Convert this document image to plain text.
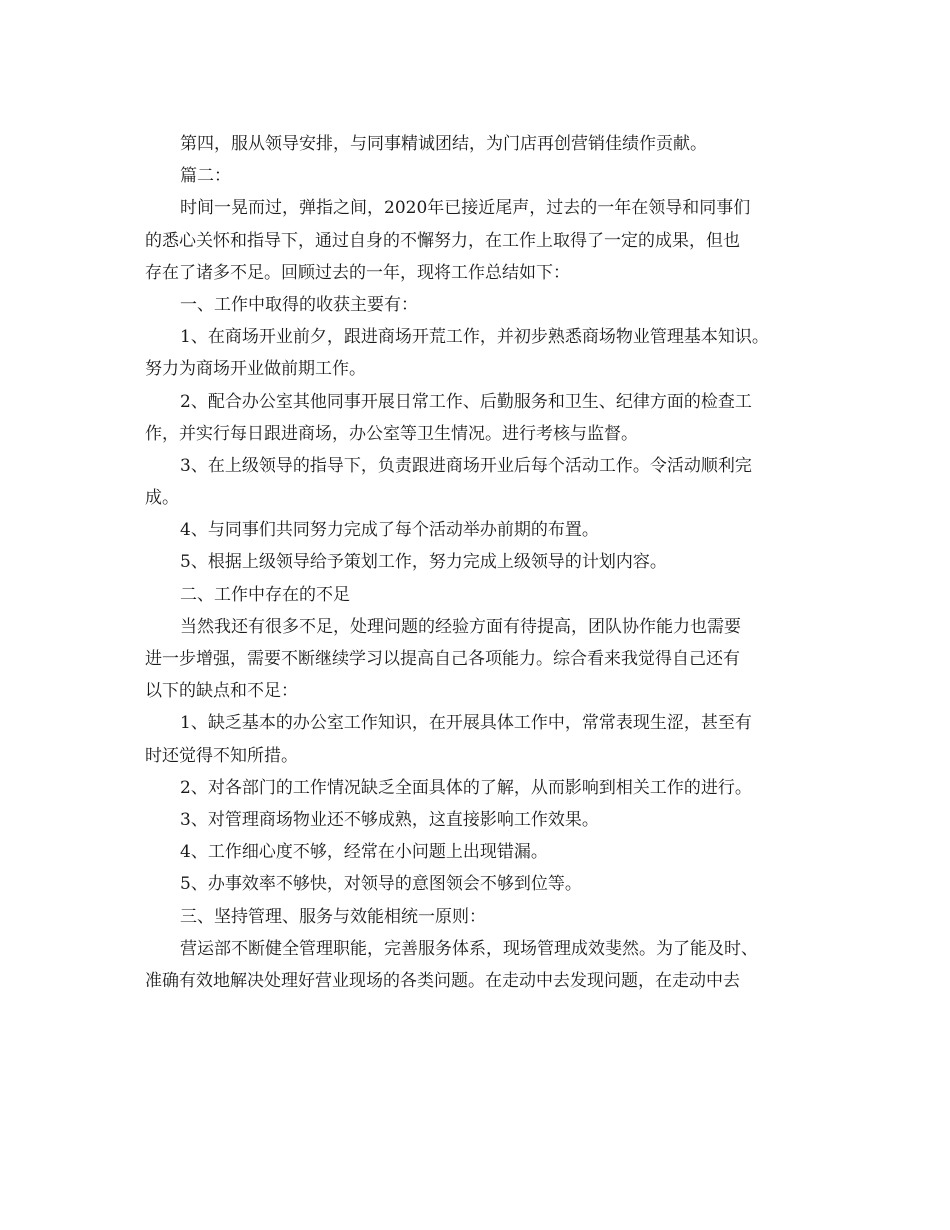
第四，服从领导安排，与同事精诚团结，为门店再创营销佳绩作贡献。
篇二：
时间一晃而过，弹指之间，2020年已接近尾声，过去的一年在领导和同事们
的悉心关怀和指导下，通过自身的不懈努力，在工作上取得了一定的成果，但也
存在了诸多不足。回顾过去的一年，现将工作总结如下：
一、工作中取得的收获主要有：
1、在商场开业前夕，跟进商场开荒工作，并初步熟悉商场物业管理基本知识。
努力为商场开业做前期工作。
2、配合办公室其他同事开展日常工作、后勤服务和卫生、纪律方面的检查工
作，并实行每日跟进商场，办公室等卫生情况。进行考核与监督。
3、在上级领导的指导下，负责跟进商场开业后每个活动工作。令活动顺利完
成。
4、与同事们共同努力完成了每个活动举办前期的布置。
5、根据上级领导给予策划工作，努力完成上级领导的计划内容。
二、工作中存在的不足
当然我还有很多不足，处理问题的经验方面有待提高，团队协作能力也需要
进一步增强，需要不断继续学习以提高自己各项能力。综合看来我觉得自己还有
以下的缺点和不足：
1、缺乏基本的办公室工作知识，在开展具体工作中，常常表现生涩，甚至有
时还觉得不知所措。
2、对各部门的工作情况缺乏全面具体的了解，从而影响到相关工作的进行。
3、对管理商场物业还不够成熟，这直接影响工作效果。
4、工作细心度不够，经常在小问题上出现错漏。
5、办事效率不够快，对领导的意图领会不够到位等。
三、坚持管理、服务与效能相统一原则：
营运部不断健全管理职能，完善服务体系，现场管理成效斐然。为了能及时、
准确有效地解决处理好营业现场的各类问题。在走动中去发现问题，在走动中去
